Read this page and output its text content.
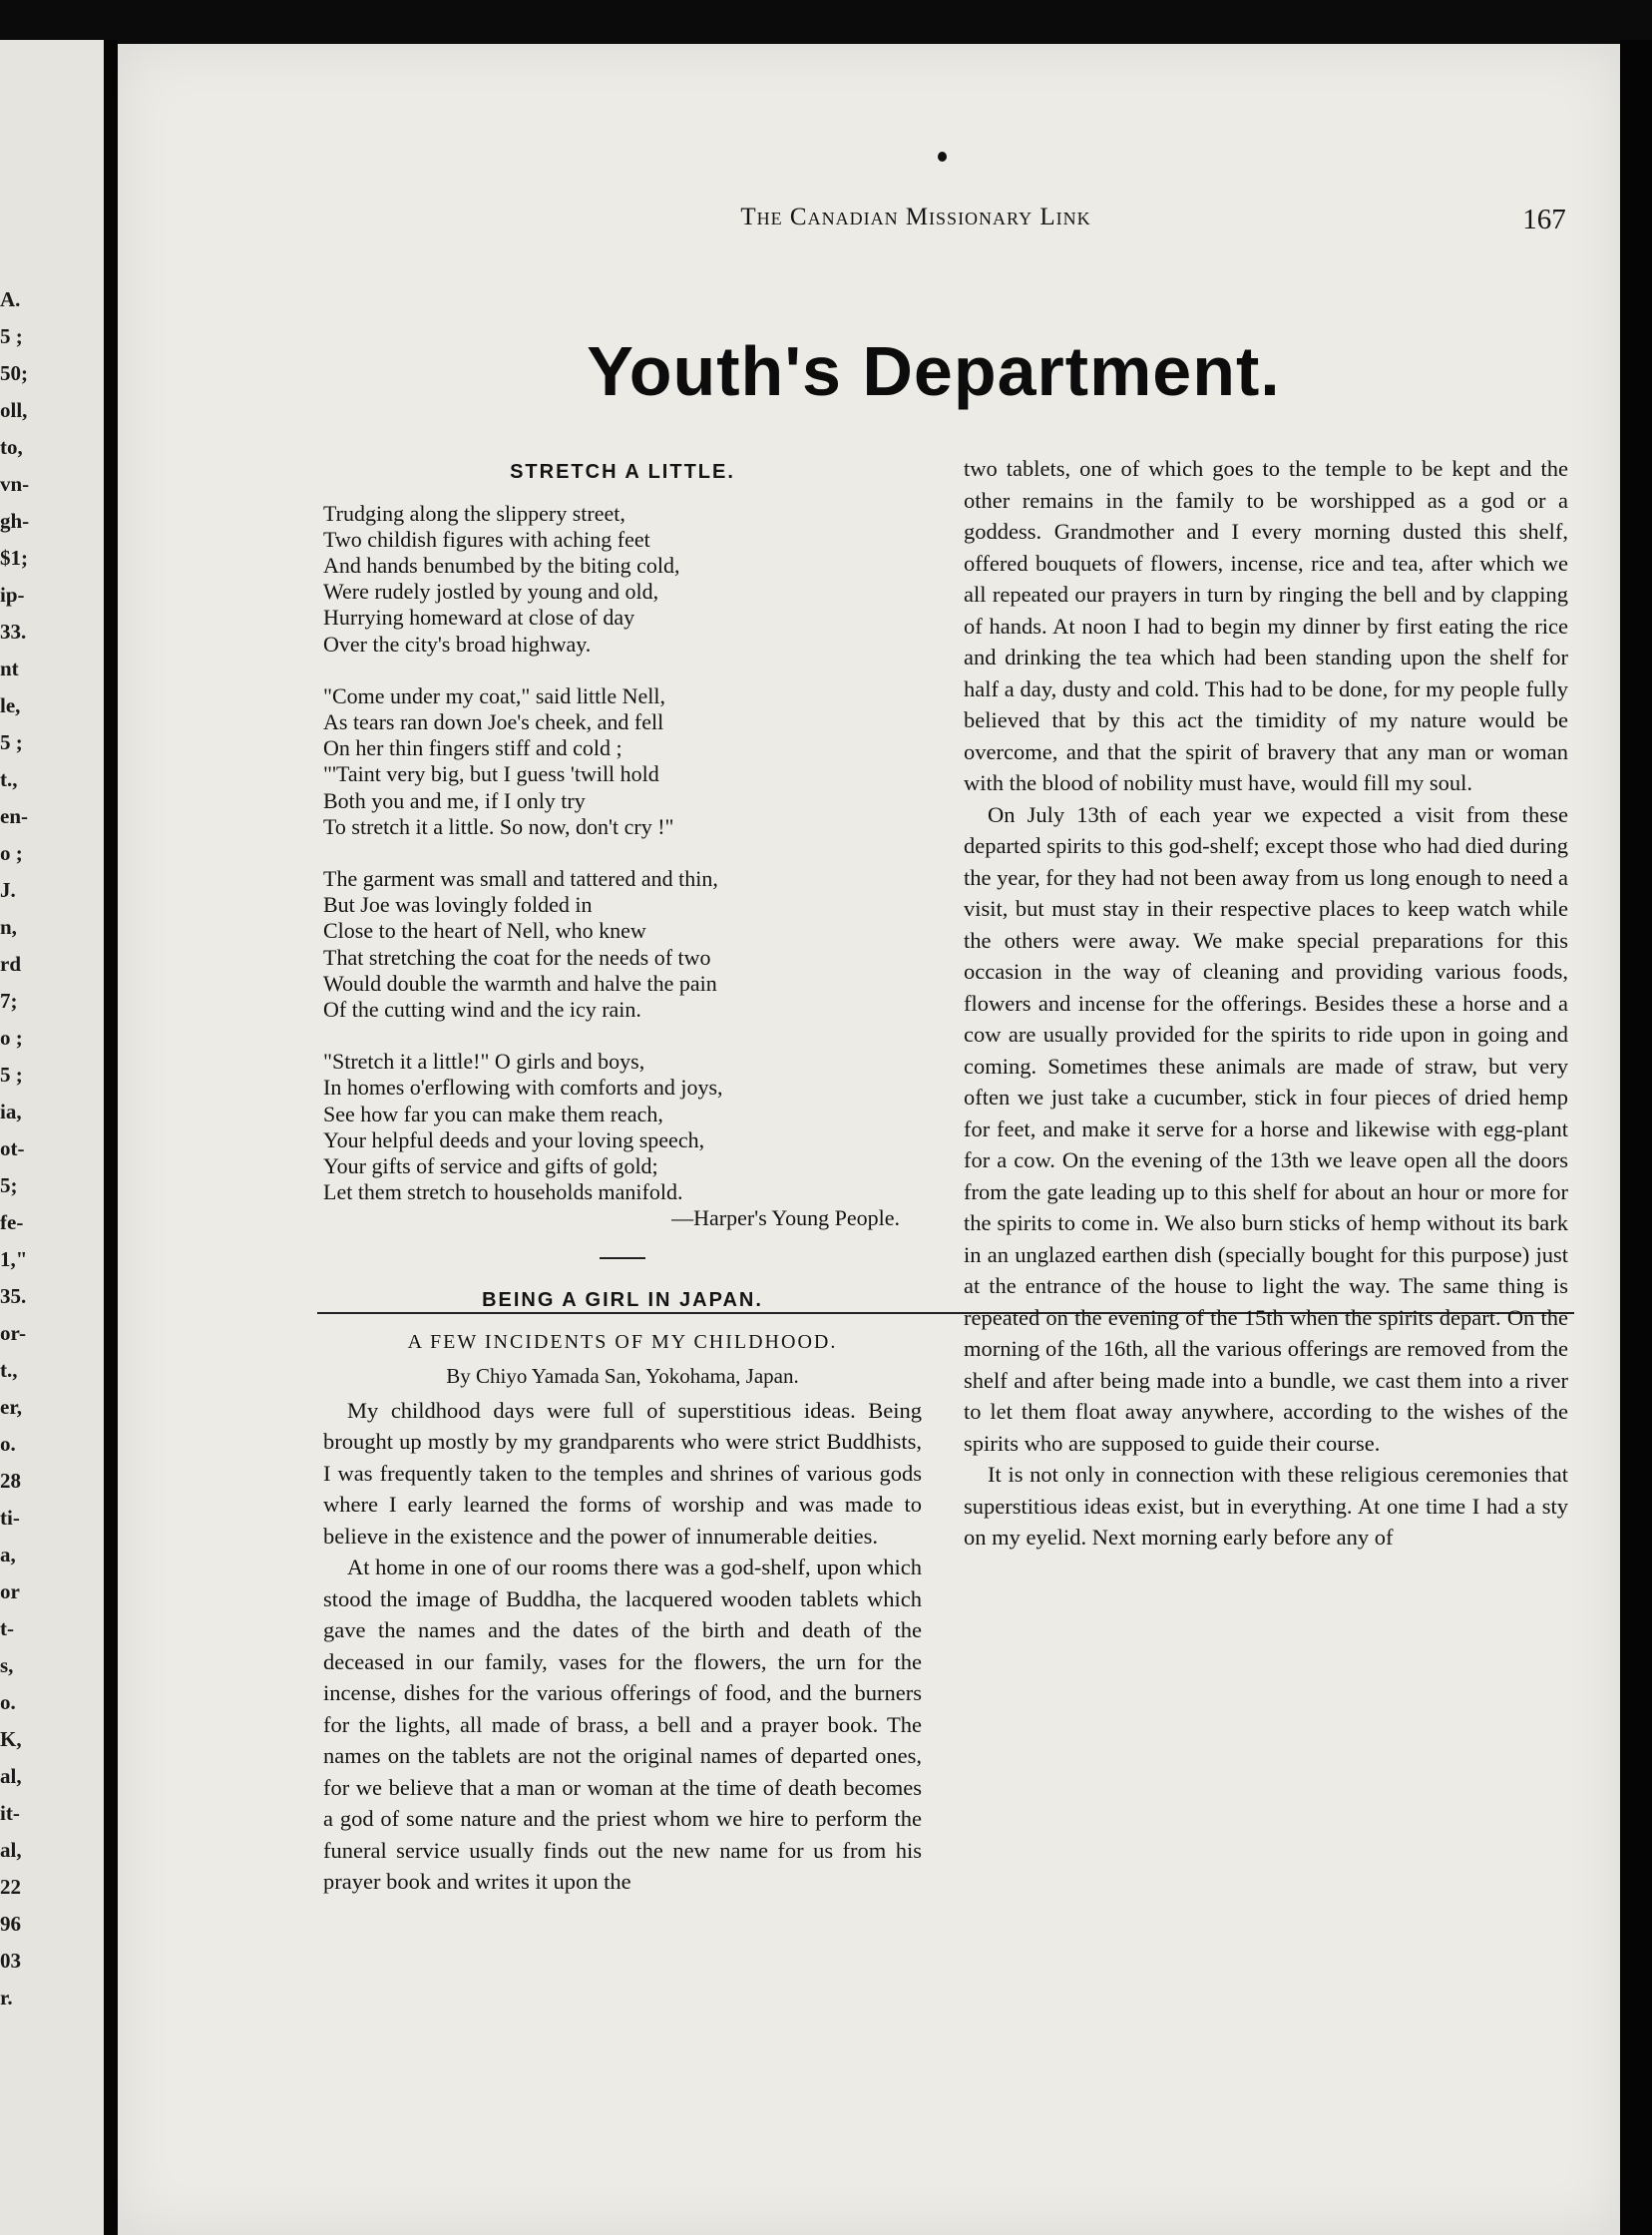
A.
5 ;
50;
oll,
to,
vn-
gh-
$1;
ip-
33.
nt
le,
5 ;
t.,
en-
o ;
J.
n,
rd
7;
o ;
5 ;
ia,
ot-
5;
fe-
1,"
35.
or-
t.,
er,
o.
28
ti-
a,
or
t-
s,
o.
K,
al,
it-
al,
22
96
03
r.
The Canadian Missionary Link	167
Youth's Department.
STRETCH A LITTLE.

Trudging along the slippery street,

Two childish figures with aching feet

And hands benumbed by the biting cold,

Were rudely jostled by young and old,

Hurrying homeward at close of day

Over the city's broad highway.

"Come under my coat," said little Nell,

As tears ran down Joe's cheek, and fell

On her thin fingers stiff and cold ;

"'Taint very big, but I guess 'twill hold

Both you and me, if I only try

To stretch it a little. So now, don't cry !"

The garment was small and tattered and thin,

But Joe was lovingly folded in

Close to the heart of Nell, who knew

That stretching the coat for the needs of two

Would double the warmth and halve the pain

Of the cutting wind and the icy rain.

"Stretch it a little!" O girls and boys,

In homes o'erflowing with comforts and joys,

See how far you can make them reach,

Your helpful deeds and your loving speech,

Your gifts of service and gifts of gold;

Let them stretch to households manifold.

—Harper's Young People.
BEING A GIRL IN JAPAN.
A FEW INCIDENTS OF MY CHILDHOOD.
By Chiyo Yamada San, Yokohama, Japan.

My childhood days were full of superstitious ideas. Being brought up mostly by my grandparents who were strict Buddhists, I was frequently taken to the temples and shrines of various gods where I early learned the forms of worship and was made to believe in the existence and the power of innumerable deities.

At home in one of our rooms there was a god-shelf, upon which stood the image of Buddha, the lacquered wooden tablets which gave the names and the dates of the birth and death of the deceased in our family, vases for the flowers, the urn for the incense, dishes for the various offerings of food, and the burners for the lights, all made of brass, a bell and a prayer book. The names on the tablets are not the original names of departed ones, for we believe that a man or woman at the time of death becomes a god of some nature and the priest whom we hire to perform the funeral service usually finds out the new name for us from his prayer book and writes it upon the

two tablets, one of which goes to the temple to be kept and the other remains in the family to be worshipped as a god or a goddess. Grandmother and I every morning dusted this shelf, offered bouquets of flowers, incense, rice and tea, after which we all repeated our prayers in turn by ringing the bell and by clapping of hands. At noon I had to begin my dinner by first eating the rice and drinking the tea which had been standing upon the shelf for half a day, dusty and cold. This had to be done, for my people fully believed that by this act the timidity of my nature would be overcome, and that the spirit of bravery that any man or woman with the blood of nobility must have, would fill my soul.

On July 13th of each year we expected a visit from these departed spirits to this god-shelf; except those who had died during the year, for they had not been away from us long enough to need a visit, but must stay in their respective places to keep watch while the others were away. We make special preparations for this occasion in the way of cleaning and providing various foods, flowers and incense for the offerings. Besides these a horse and a cow are usually provided for the spirits to ride upon in going and coming. Sometimes these animals are made of straw, but very often we just take a cucumber, stick in four pieces of dried hemp for feet, and make it serve for a horse and likewise with egg-plant for a cow. On the evening of the 13th we leave open all the doors from the gate leading up to this shelf for about an hour or more for the spirits to come in. We also burn sticks of hemp without its bark in an unglazed earthen dish (specially bought for this purpose) just at the entrance of the house to light the way. The same thing is repeated on the evening of the 15th when the spirits depart. On the morning of the 16th, all the various offerings are removed from the shelf and after being made into a bundle, we cast them into a river to let them float away anywhere, according to the wishes of the spirits who are supposed to guide their course.

It is not only in connection with these religious ceremonies that superstitious ideas exist, but in everything. At one time I had a sty on my eyelid. Next morning early before any of
